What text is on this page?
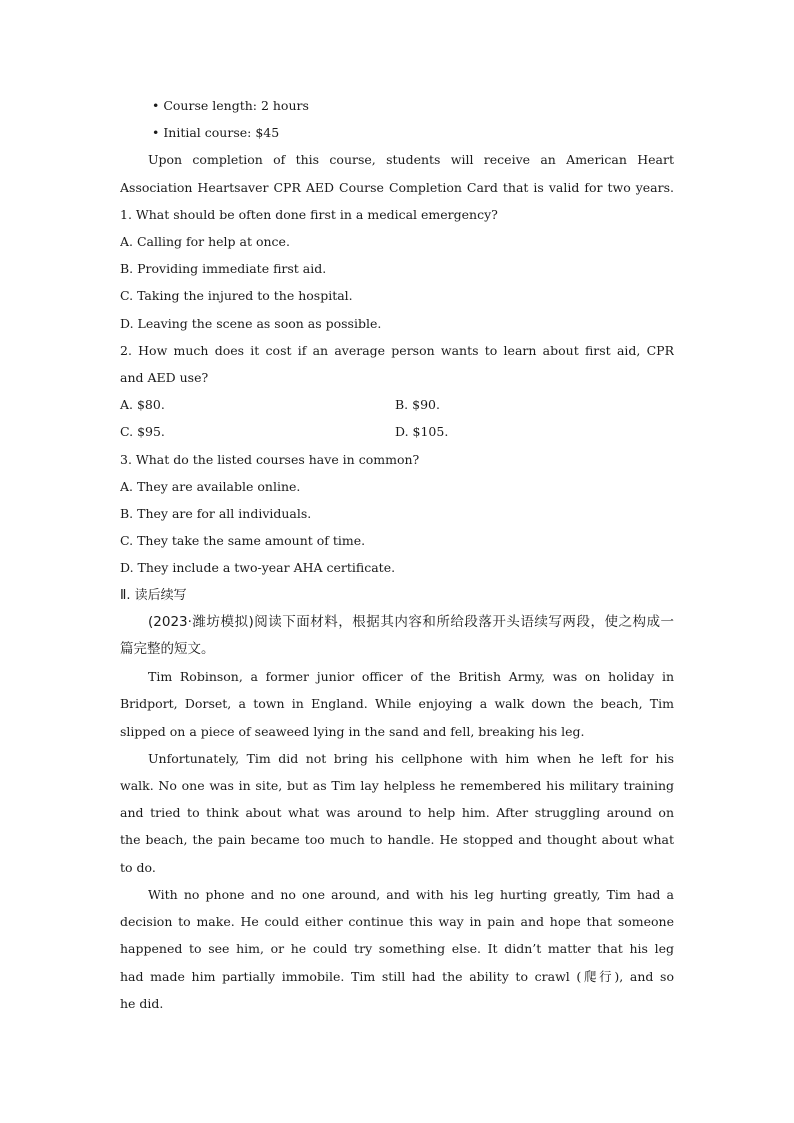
• Course length: 2 hours
• Initial course: $45
Upon completion of this course, students will receive an American Heart
Association Heartsaver CPR AED Course Completion Card that is valid for two years.
1. What should be often done first in a medical emergency?
A. Calling for help at once.
B. Providing immediate first aid.
C. Taking the injured to the hospital.
D. Leaving the scene as soon as possible.
2. How much does it cost if an average person wants to learn about first aid, CPR
and AED use?
A. $80.	B. $90.
C. $95.	D. $105.
3. What do the listed courses have in common?
A. They are available online.
B. They are for all individuals.
C. They take the same amount of time.
D. They include a two-year AHA certificate.
Ⅱ. 读后续写
(2023·潍坊模拟)阅读下面材料，根据其内容和所给段落开头语续写两段，使之构成一
篇完整的短文。
Tim Robinson, a former junior officer of the British Army, was on holiday in
Bridport, Dorset, a town in England. While enjoying a walk down the beach, Tim
slipped on a piece of seaweed lying in the sand and fell, breaking his leg.
Unfortunately, Tim did not bring his cellphone with him when he left for his
walk. No one was in site, but as Tim lay helpless he remembered his military training
and tried to think about what was around to help him. After struggling around on
the beach, the pain became too much to handle. He stopped and thought about what
to do.
With no phone and no one around, and with his leg hurting greatly, Tim had a
decision to make. He could either continue this way in pain and hope that someone
happened to see him, or he could try something else. It didn’t matter that his leg
had made him partially immobile. Tim still had the ability to crawl (爬行), and so
he did.
